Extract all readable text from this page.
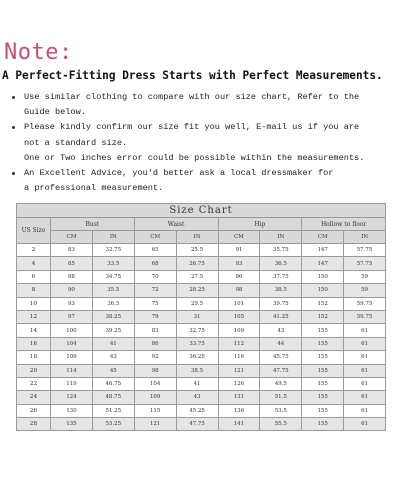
Note:
A Perfect-Fitting Dress Starts with Perfect Measurements.
Use similar clothing to compare with our size chart, Refer to the
Guide below.
Please kindly confirm our size fit you well, E-mail us if you are
not a standard size.
One or Two inches error could be possible within the measurements.
An Excellent Advice, you'd better ask a local dressmaker for
a professional measurement.
Size Chart								
US Size	Bust		Waist		Hip		Hollow to floor	
	CM	IN	CM	IN	CM	IN	CM	IN
2	83	32.75	65	25.5	91	35.75	147	57.75
4	85	33.5	68	26.75	93	36.5	147	57.75
6	88	34.75	70	27.5	96	37.75	150	59
8	90	35.5	72	28.25	98	38.5	150	59
10	93	36.5	75	29.5	101	39.75	152	59.75
12	97	38.25	79	31	105	41.25	152	59.75
14	100	39.25	83	32.75	109	43	155	61
16	104	41	86	33.75	112	44	155	61
18	109	43	92	36.25	116	45.75	155	61
20	114	45	98	38.5	121	47.75	155	61
22	119	46.75	104	41	126	49.5	155	61
24	124	48.75	109	43	131	51.5	155	61
26	130	51.25	115	45.25	136	53.5	155	61
28	135	53.25	121	47.75	141	55.5	155	61
